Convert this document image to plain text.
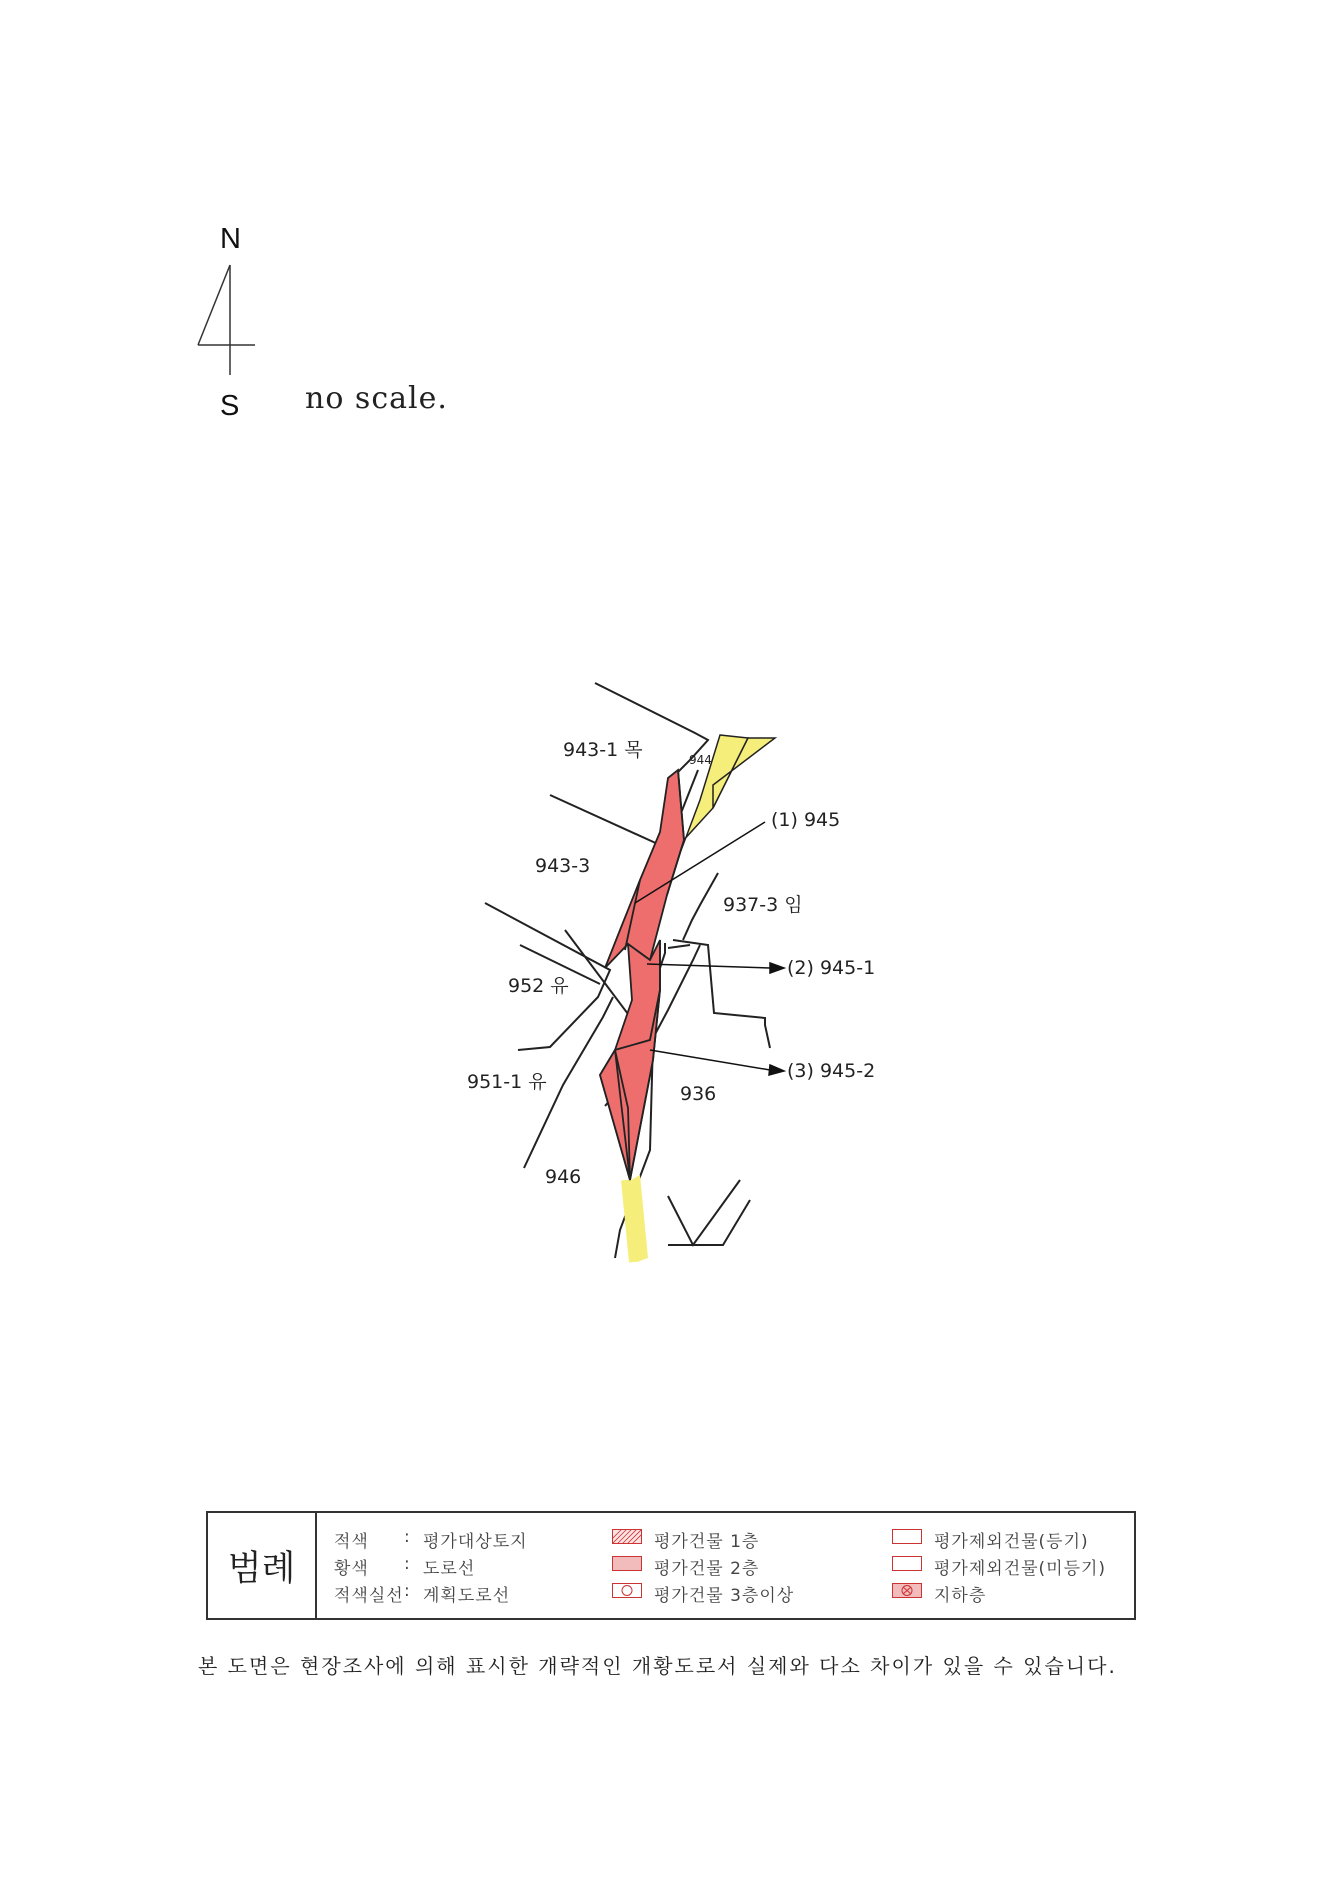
N
S no scale.
943-1 목	944
943-3
937-3 임
952 유
951-1 유
936
946
(1) 945
(2) 945-1
(3) 945-2
범례
적색 : 평가대상토지
황색 : 도로선
적색실선 : 계획도로선
평가건물 1층
평가건물 2층
평가건물 3층이상
평가제외건물(등기)
평가제외건물(미등기)
지하층
본 도면은 현장조사에 의해 표시한 개략적인 개황도로서 실제와 다소 차이가 있을 수 있습니다.
